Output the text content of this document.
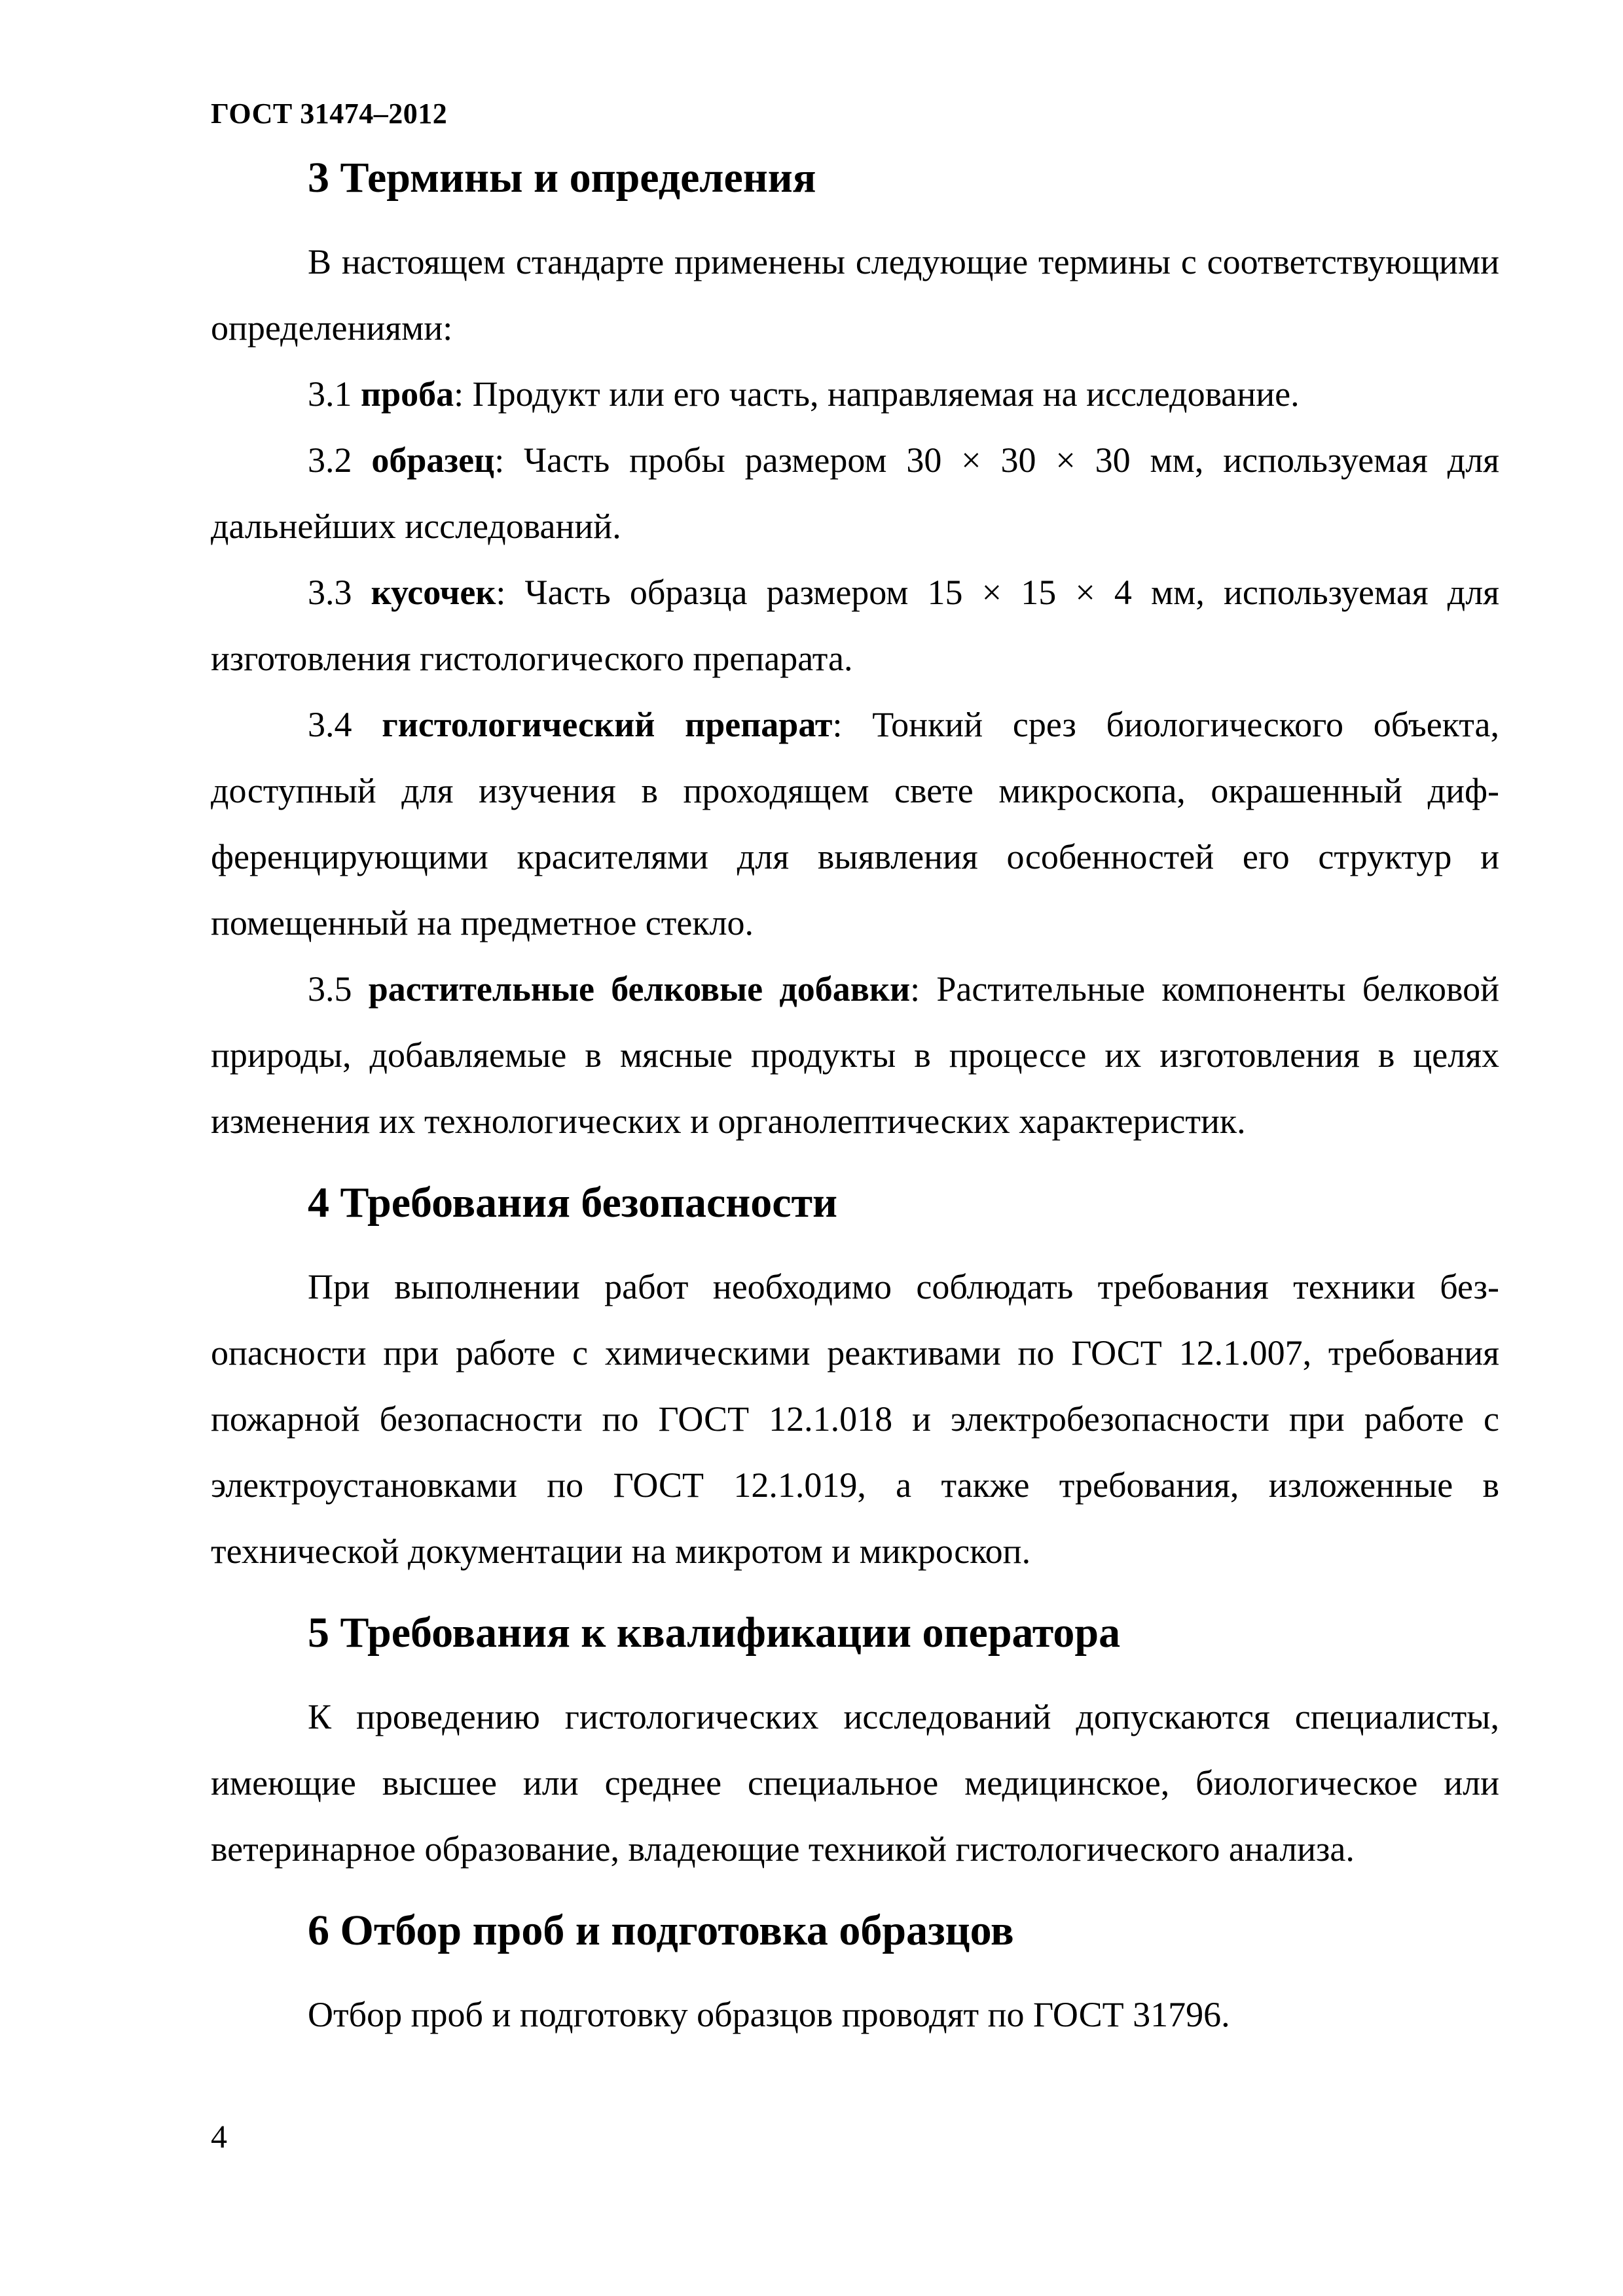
ГОСТ 31474–2012
3 Термины и определения

В настоящем стандарте применены следующие термины с соответствующими определениями:

3.1 проба: Продукт или его часть, направляемая на исследование.

3.2 образец: Часть пробы размером 30 × 30 × 30 мм, используемая для дальнейших исследований.

3.3 кусочек: Часть образца размером 15 × 15 × 4 мм, используемая для изготовления гистологического препарата.

3.4 гистологический препарат: Тонкий срез биологического объекта, доступный для изучения в проходящем свете микроскопа, окрашенный дифференцирующими красителями для выявления особенностей его структур и помещенный на предметное стекло.

3.5 растительные белковые добавки: Растительные компоненты белковой природы, добавляемые в мясные продукты в процессе их изготовления в целях изменения их технологических и органолептических характеристик.

4 Требования безопасности

При выполнении работ необходимо соблюдать требования техники безопасности при работе с химическими реактивами по ГОСТ 12.1.007, требования пожарной безопасности по ГОСТ 12.1.018 и электробезопасности при работе с электроустановками по ГОСТ 12.1.019, а также требования, изложенные в технической документации на микротом и микроскоп.

5 Требования к квалификации оператора

К проведению гистологических исследований допускаются специалисты, имеющие высшее или среднее специальное медицинское, биологическое или ветеринарное образование, владеющие техникой гистологического анализа.

6 Отбор проб и подготовка образцов

Отбор проб и подготовку образцов проводят по ГОСТ 31796.

4
